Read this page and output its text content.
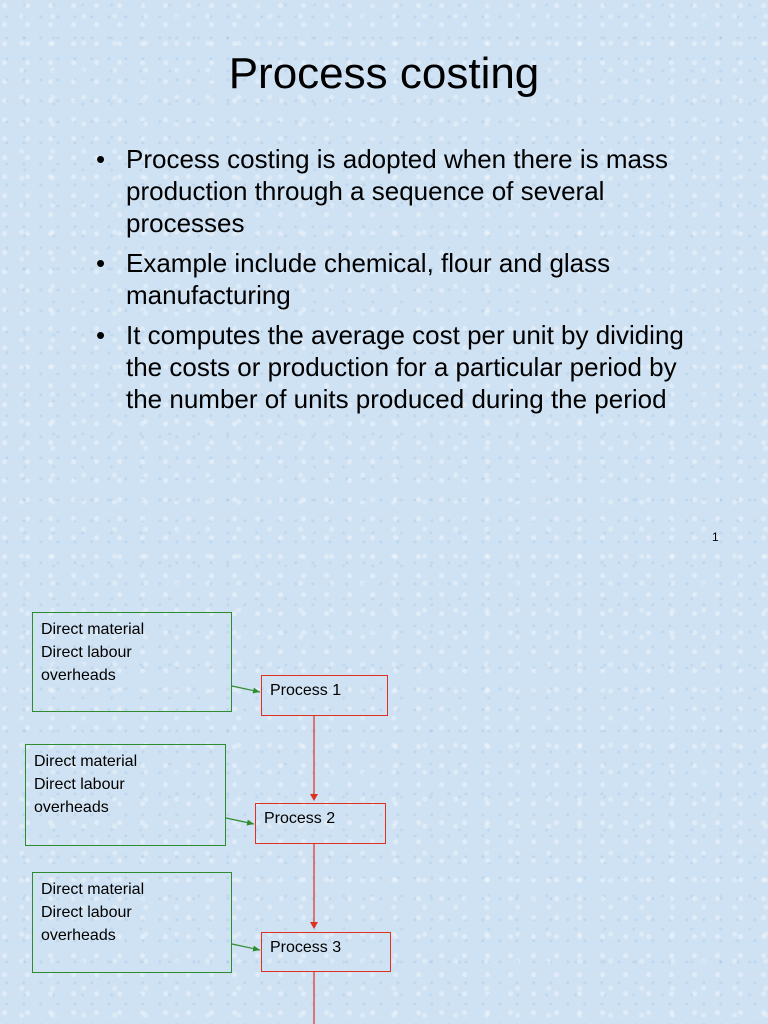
Process costing
• Process costing is adopted when there is mass production through a sequence of several processes
• Example include chemical, flour and glass manufacturing
• It computes the average cost per unit by dividing the costs or production for a particular period by the number of units produced during the period
1
Direct material
Direct labour
overheads
Process 1
Direct material
Direct labour
overheads
Process 2
Direct material
Direct labour
overheads
Process 3
